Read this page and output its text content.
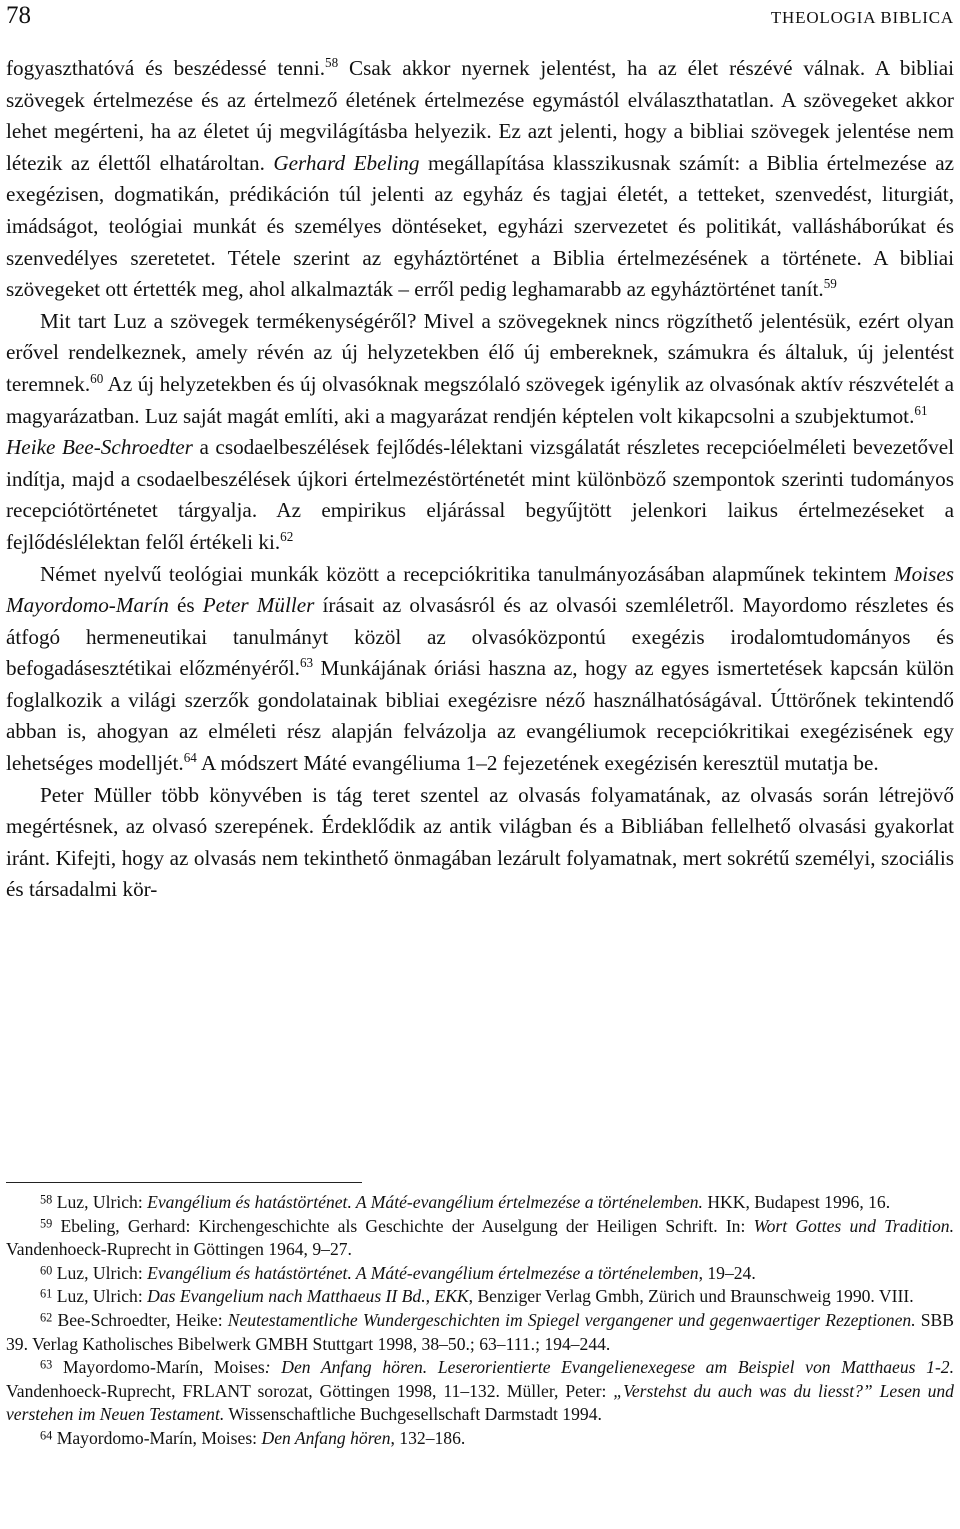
78	THEOLOGIA BIBLICA

fogyaszthatóvá és beszédessé tenni.$^{58}$ Csak akkor nyernek jelentést, ha az élet részévé válnak. A bibliai szövegek értelmezése és az értelmező életének értelmezése egymástól elválaszthatatlan. A szövegeket akkor lehet megérteni, ha az életet új megvilágításba helyezik. Ez azt jelenti, hogy a bibliai szövegek jelentése nem létezik az élettől elhatároltan. Gerhard Ebeling megállapítása klasszikusnak számít: a Biblia értelmezése az exegézisen, dogmatikán, prédikáción túl jelenti az egyház és tagjai életét, a tetteket, szenvedést, liturgiát, imádságot, teológiai munkát és személyes döntéseket, egyházi szervezetet és politikát, vallásháborúkat és szenvedélyes szeretetet. Tétele szerint az egyháztörténet a Biblia értelmezésének a története. A bibliai szövegeket ott értették meg, ahol alkalmazták – erről pedig leghamarabb az egyháztörténet tanít.$^{59}$

Mit tart Luz a szövegek termékenységéről? Mivel a szövegeknek nincs rögzíthető jelentésük, ezért olyan erővel rendelkeznek, amely révén az új helyzetekben élő új embereknek, számukra és általuk, új jelentést teremnek.$^{60}$ Az új helyzetekben és új olvasóknak megszólaló szövegek igénylik az olvasónak aktív részvételét a magyarázatban. Luz saját magát említi, aki a magyarázat rendjén képtelen volt kikapcsolni a szubjektumot.$^{61}$

Heike Bee-Schroedter a csodaelbeszélések fejlődés-lélektani vizsgálatát részletes recepcióelméleti bevezetővel indítja, majd a csodaelbeszélések újkori értelmezéstörténetét mint különböző szempontok szerinti tudományos recepciótörténetet tárgyalja. Az empirikus eljárással begyűjtött jelenkori laikus értelmezéseket a fejlődéslélektan felől értékeli ki.$^{62}$

Német nyelvű teológiai munkák között a recepciókritika tanulmányozásában alapműnek tekintem Moises Mayordomo-Marín és Peter Müller írásait az olvasásról és az olvasói szemléletről. Mayordomo részletes és átfogó hermeneutikai tanulmányt közöl az olvasóközpontú exegézis irodalomtudományos és befogadásesztétikai előzményéről.$^{63}$ Munkájának óriási haszna az, hogy az egyes ismertetések kapcsán külön foglalkozik a világi szerzők gondolatainak bibliai exegézisre néző használhatóságával. Úttörőnek tekintendő abban is, ahogyan az elméleti rész alapján felvázolja az evangéliumok recepciókritikai exegézisének egy lehetséges modelljét.$^{64}$ A módszert Máté evangéliuma 1–2 fejezetének exegézisén keresztül mutatja be.

Peter Müller több könyvében is tág teret szentel az olvasás folyamatának, az olvasás során létrejövő megértésnek, az olvasó szerepének. Érdeklődik az antik világban és a Bibliában fellelhető olvasási gyakorlat iránt. Kifejti, hogy az olvasás nem tekinthető önmagában lezárult folyamatnak, mert sokrétű személyi, szociális és társadalmi kör-

$^{58}$ Luz, Ulrich: Evangélium és hatástörténet. A Máté-evangélium értelmezése a történelemben. HKK, Budapest 1996, 16.

$^{59}$ Ebeling, Gerhard: Kirchengeschichte als Geschichte der Auselgung der Heiligen Schrift. In: Wort Gottes und Tradition. Vandenhoeck-Ruprecht in Göttingen 1964, 9–27.

$^{60}$ Luz, Ulrich: Evangélium és hatástörténet. A Máté-evangélium értelmezése a történelemben, 19–24.

$^{61}$ Luz, Ulrich: Das Evangelium nach Matthaeus II Bd., EKK, Benziger Verlag Gmbh, Zürich und Braunschweig 1990. VIII.

$^{62}$ Bee-Schroedter, Heike: Neutestamentliche Wundergeschichten im Spiegel vergangener und gegenwaertiger Rezeptionen. SBB 39. Verlag Katholisches Bibelwerk GMBH Stuttgart 1998, 38–50.; 63–111.; 194–244.

$^{63}$ Mayordomo-Marín, Moises: Den Anfang hören. Leserorientierte Evangelienexegese am Beispiel von Matthaeus 1-2. Vandenhoeck-Ruprecht, FRLANT sorozat, Göttingen 1998, 11–132. Müller, Peter: „Verstehst du auch was du liesst?” Lesen und verstehen im Neuen Testament. Wissenschaftliche Buchgesellschaft Darmstadt 1994.

$^{64}$ Mayordomo-Marín, Moises: Den Anfang hören, 132–186.
